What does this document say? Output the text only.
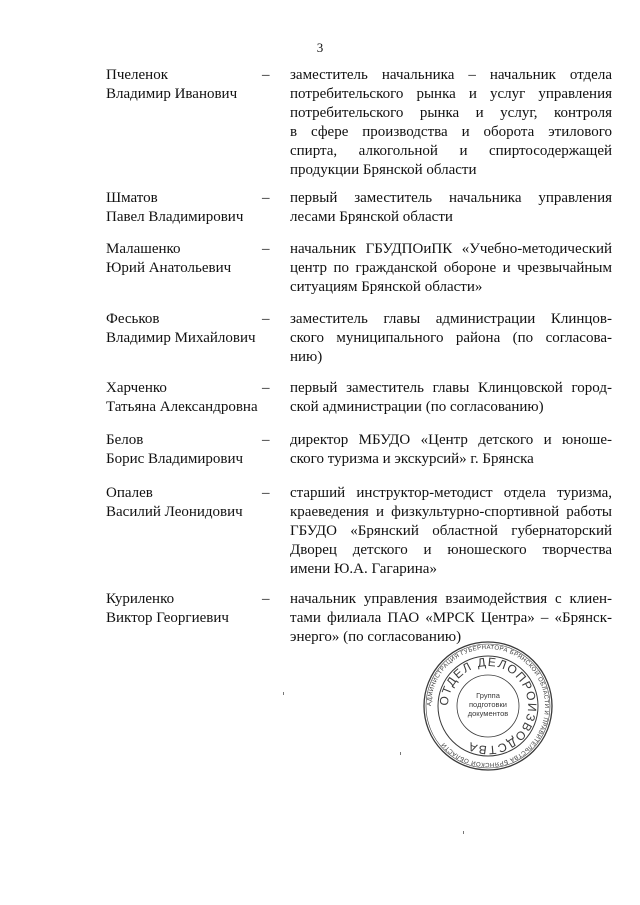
3
Пчеленок
Владимир Иванович
– заместитель начальника – начальник отдела
потребительского рынка и услуг управления
потребительского рынка и услуг, контроля
в сфере производства и оборота этилового
спирта, алкогольной и спиртосодержащей
продукции Брянской области
Шматов
Павел Владимирович
– первый заместитель начальника управления
лесами Брянской области
Малашенко
Юрий Анатольевич
– начальник ГБУДПОиПК «Учебно-методический
центр по гражданской обороне и чрезвычайным
ситуациям Брянской области»
Феськов
Владимир Михайлович
– заместитель главы администрации Клинцов-
ского муниципального района (по согласова-
нию)
Харченко
Татьяна Александровна
– первый заместитель главы Клинцовской город-
ской администрации (по согласованию)
Белов
Борис Владимирович
– директор МБУДО «Центр детского и юноше-
ского туризма и экскурсий» г. Брянска
Опалев
Василий Леонидович
– старший инструктор-методист отдела туризма,
краеведения и физкультурно-спортивной работы
ГБУДО «Брянский областной губернаторский
Дворец детского и юношеского творчества
имени Ю.А. Гагарина»
Куриленко
Виктор Георгиевич
– начальник управления взаимодействия с клиен-
тами филиала ПАО «МРСК Центра» – «Брянск-
энерго» (по согласованию)
АДМИНИСТРАЦИЯ ГУБЕРНАТОРА БРЯНСКОЙ ОБЛАСТИ И ПРАВИТЕЛЬСТВА БРЯНСКОЙ ОБЛАСТИ
ОТДЕЛ ДЕЛОПРОИЗВОДСТВА
Группа
подготовки
документов
